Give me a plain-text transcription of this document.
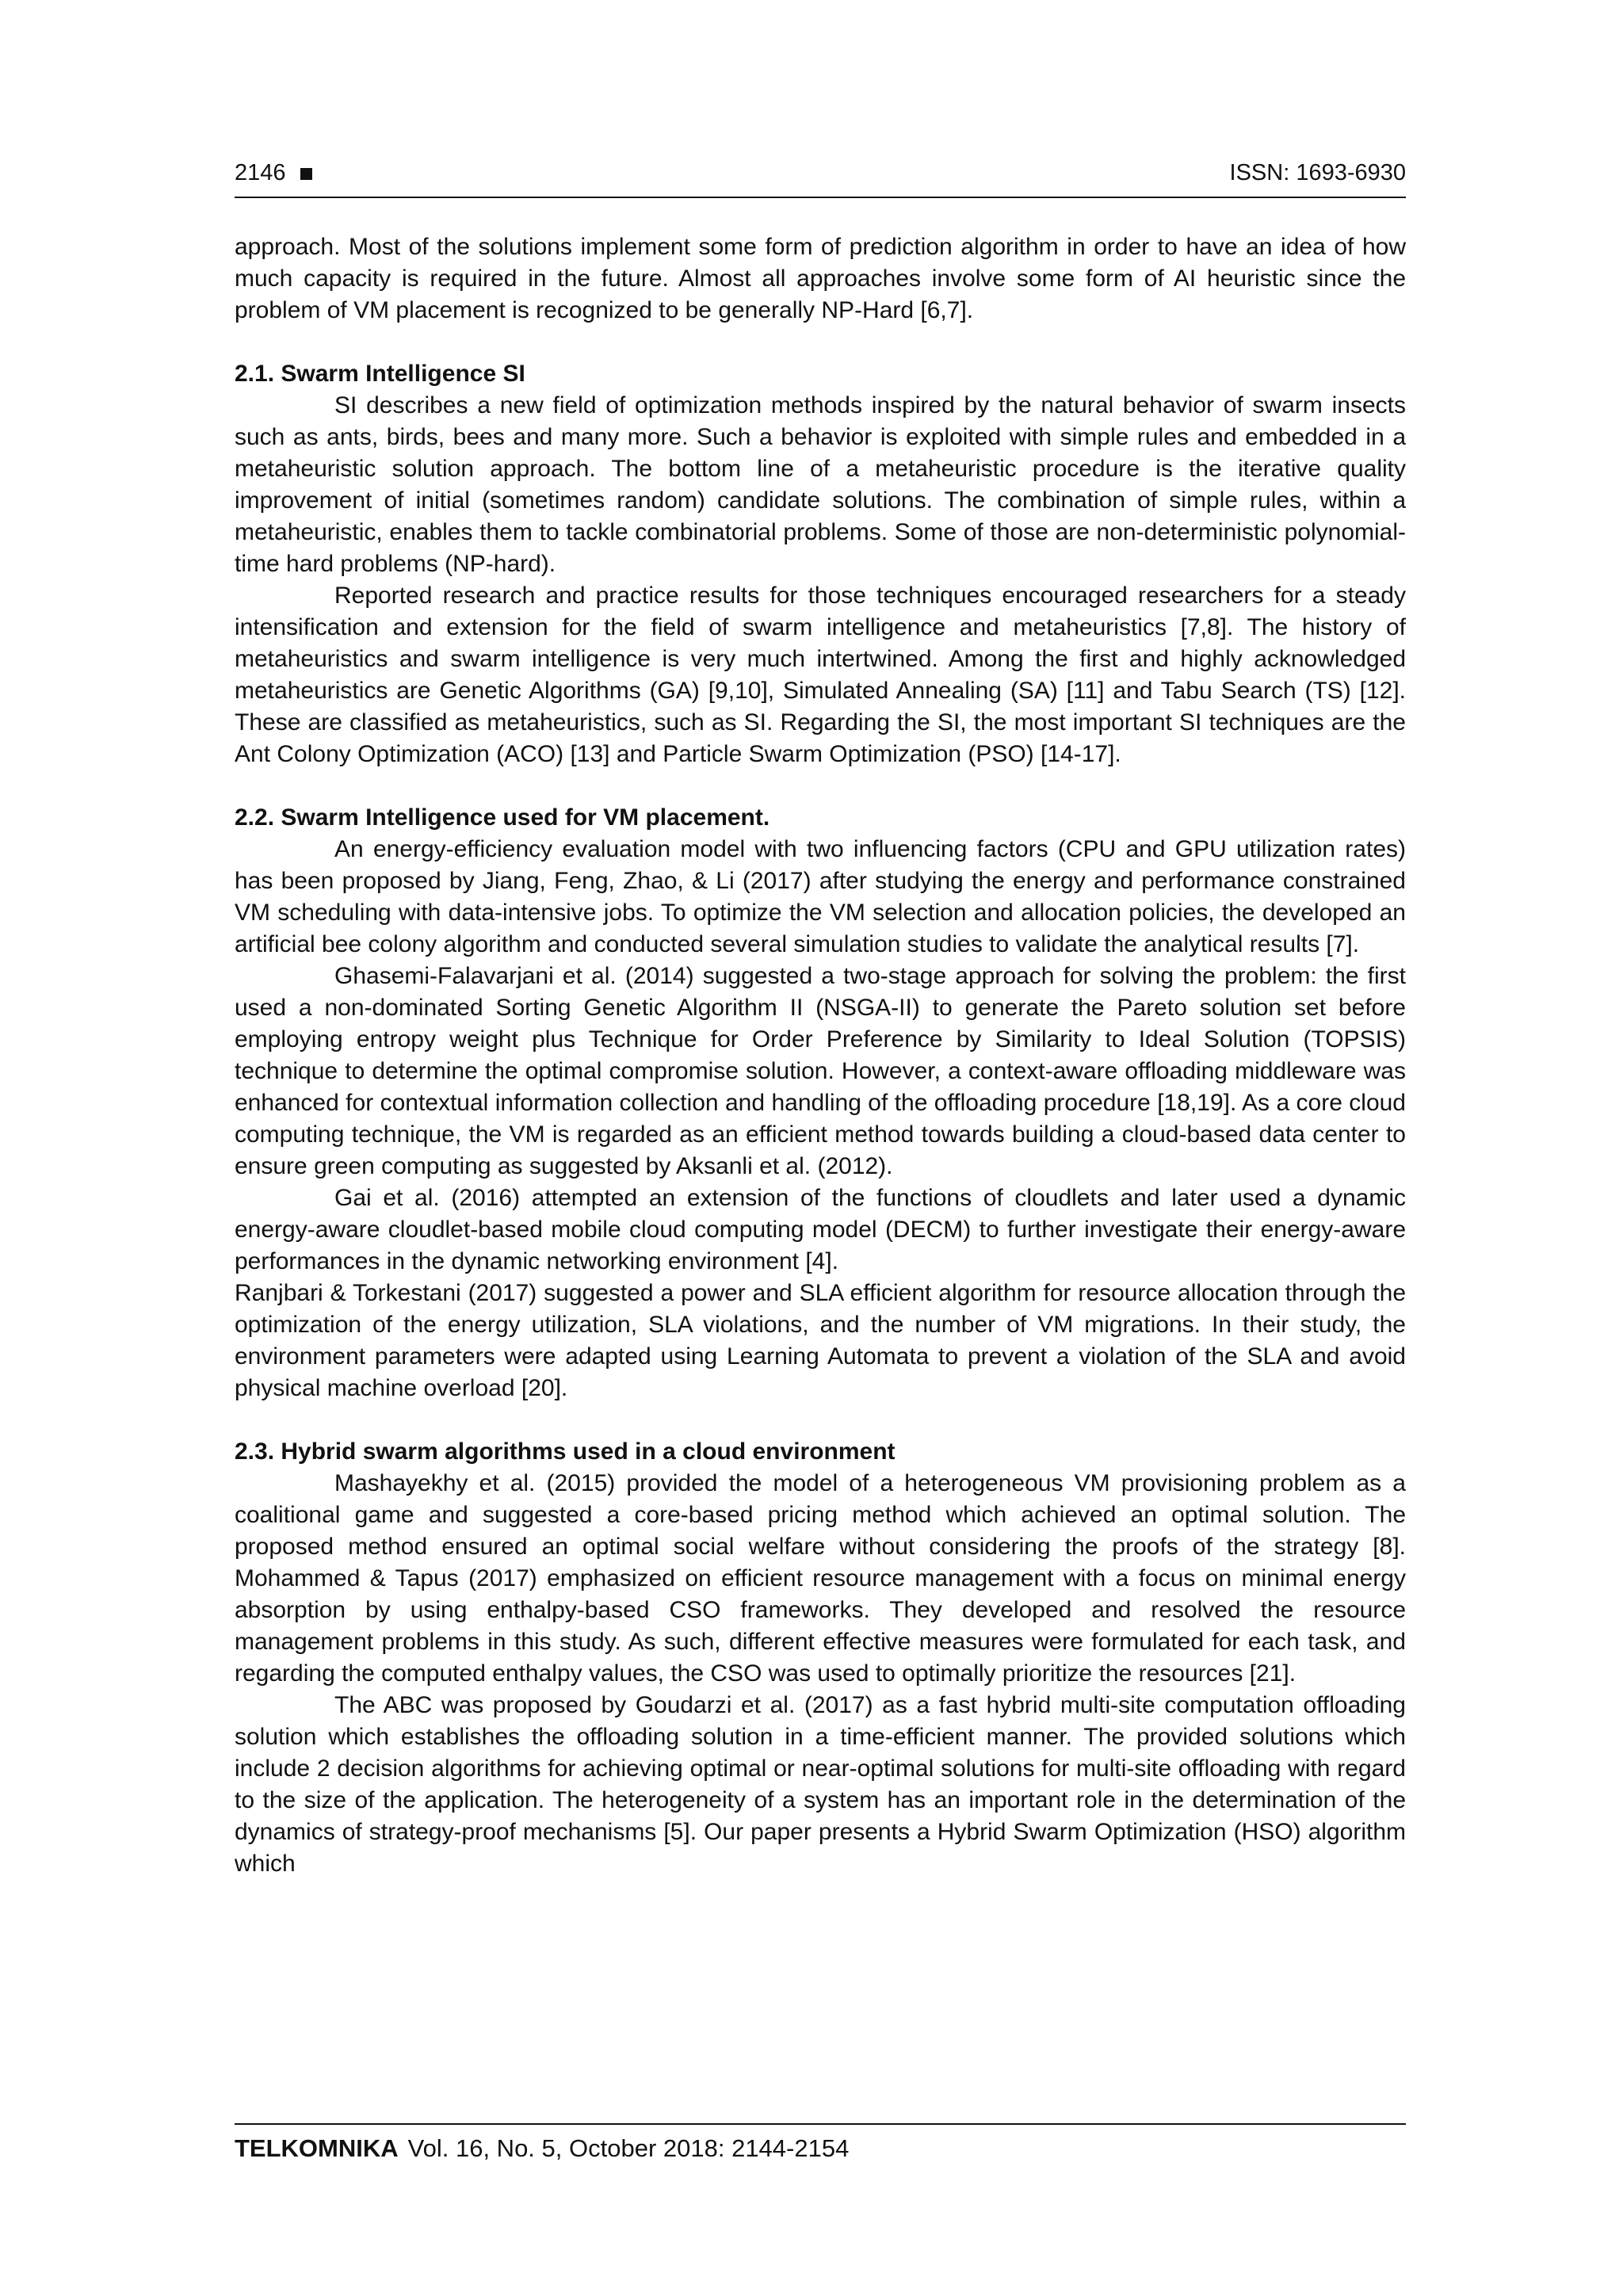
2146	ISSN: 1693-6930

approach. Most of the solutions implement some form of prediction algorithm in order to have an idea of how much capacity is required in the future. Almost all approaches involve some form of AI heuristic since the problem of VM placement is recognized to be generally NP-Hard [6,7].

2.1. Swarm Intelligence SI

SI describes a new field of optimization methods inspired by the natural behavior of swarm insects such as ants, birds, bees and many more. Such a behavior is exploited with simple rules and embedded in a metaheuristic solution approach. The bottom line of a metaheuristic procedure is the iterative quality improvement of initial (sometimes random) candidate solutions. The combination of simple rules, within a metaheuristic, enables them to tackle combinatorial problems. Some of those are non-deterministic polynomial-time hard problems (NP-hard).

Reported research and practice results for those techniques encouraged researchers for a steady intensification and extension for the field of swarm intelligence and metaheuristics [7,8]. The history of metaheuristics and swarm intelligence is very much intertwined. Among the first and highly acknowledged metaheuristics are Genetic Algorithms (GA) [9,10], Simulated Annealing (SA) [11] and Tabu Search (TS) [12]. These are classified as metaheuristics, such as SI. Regarding the SI, the most important SI techniques are the Ant Colony Optimization (ACO) [13] and Particle Swarm Optimization (PSO) [14-17].

2.2. Swarm Intelligence used for VM placement.

An energy-efficiency evaluation model with two influencing factors (CPU and GPU utilization rates) has been proposed by Jiang, Feng, Zhao, & Li (2017) after studying the energy and performance constrained VM scheduling with data-intensive jobs. To optimize the VM selection and allocation policies, the developed an artificial bee colony algorithm and conducted several simulation studies to validate the analytical results [7].

Ghasemi-Falavarjani et al. (2014) suggested a two-stage approach for solving the problem: the first used a non-dominated Sorting Genetic Algorithm II (NSGA-II) to generate the Pareto solution set before employing entropy weight plus Technique for Order Preference by Similarity to Ideal Solution (TOPSIS) technique to determine the optimal compromise solution. However, a context-aware offloading middleware was enhanced for contextual information collection and handling of the offloading procedure [18,19]. As a core cloud computing technique, the VM is regarded as an efficient method towards building a cloud-based data center to ensure green computing as suggested by Aksanli et al. (2012).

Gai et al. (2016) attempted an extension of the functions of cloudlets and later used a dynamic energy-aware cloudlet-based mobile cloud computing model (DECM) to further investigate their energy-aware performances in the dynamic networking environment [4].

Ranjbari & Torkestani (2017) suggested a power and SLA efficient algorithm for resource allocation through the optimization of the energy utilization, SLA violations, and the number of VM migrations. In their study, the environment parameters were adapted using Learning Automata to prevent a violation of the SLA and avoid physical machine overload [20].

2.3. Hybrid swarm algorithms used in a cloud environment

Mashayekhy et al. (2015) provided the model of a heterogeneous VM provisioning problem as a coalitional game and suggested a core-based pricing method which achieved an optimal solution. The proposed method ensured an optimal social welfare without considering the proofs of the strategy [8]. Mohammed & Tapus (2017) emphasized on efficient resource management with a focus on minimal energy absorption by using enthalpy-based CSO frameworks. They developed and resolved the resource management problems in this study. As such, different effective measures were formulated for each task, and regarding the computed enthalpy values, the CSO was used to optimally prioritize the resources [21].

The ABC was proposed by Goudarzi et al. (2017) as a fast hybrid multi-site computation offloading solution which establishes the offloading solution in a time-efficient manner. The provided solutions which include 2 decision algorithms for achieving optimal or near-optimal solutions for multi-site offloading with regard to the size of the application. The heterogeneity of a system has an important role in the determination of the dynamics of strategy-proof mechanisms [5]. Our paper presents a Hybrid Swarm Optimization (HSO) algorithm which

TELKOMNIKA Vol. 16, No. 5, October 2018: 2144-2154
